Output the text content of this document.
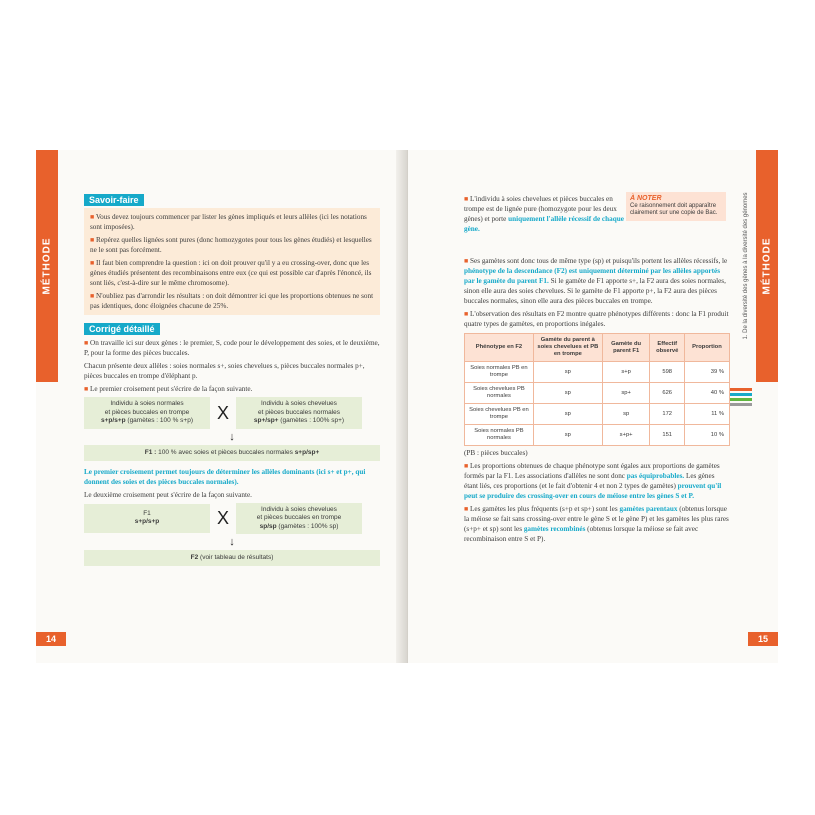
MÉTHODE
Savoir-faire

■ Vous devez toujours commencer par lister les gènes impliqués et leurs allèles (ici les notations sont imposées).

■ Repérez quelles lignées sont pures (donc homozygotes pour tous les gènes étudiés) et lesquelles ne le sont pas forcément.

■ Il faut bien comprendre la question : ici on doit prouver qu'il y a eu crossing-over, donc que les gènes étudiés présentent des recombinaisons entre eux (ce qui est possible car d'après l'énoncé, ils sont liés, c'est-à-dire sur le même chromosome).

■ N'oubliez pas d'arrondir les résultats : on doit démontrer ici que les proportions obtenues ne sont pas identiques, donc éloignées chacune de 25%.

Corrigé détaillé

■ On travaille ici sur deux gènes : le premier, S, code pour le développement des soies, et le deuxième, P, pour la forme des pièces buccales.

Chacun présente deux allèles : soies normales s+, soies chevelues s, pièces buccales normales p+, pièces buccales en trompe d'éléphant p.

■ Le premier croisement peut s'écrire de la façon suivante.

Individu à soies normales
et pièces buccales en trompe
s+p/s+p (gamètes : 100 % s+p)	X	Individu à soies chevelues
et pièces buccales normales
sp+/sp+ (gamètes : 100% sp+)
↓
F1 : 100 % avec soies et pièces buccales normales s+p/sp+

Le premier croisement permet toujours de déterminer les allèles dominants (ici s+ et p+, qui donnent des soies et des pièces buccales normales).

Le deuxième croisement peut s'écrire de la façon suivante.

F1
s+p/s+p	X	Individu à soies chevelues
et pièces buccales en trompe
sp/sp (gamètes : 100% sp)
↓
F2 (voir tableau de résultats)
14
MÉTHODE
1. De la diversité des gènes à la diversité des génomes
À NOTER
Ce raisonnement doit apparaître clairement sur une copie de Bac.

■ L'individu à soies chevelues et pièces buccales en trompe est de lignée pure (homozygote pour les deux gènes) et porte uniquement l'allèle récessif de chaque gène.

■ Ses gamètes sont donc tous de même type (sp) et puisqu'ils portent les allèles récessifs, le phénotype de la descendance (F2) est uniquement déterminé par les allèles apportés par le gamète du parent F1. Si le gamète de F1 apporte s+, la F2 aura des soies normales, sinon elle aura des soies chevelues. Si le gamète de F1 apporte p+, la F2 aura des pièces buccales normales, sinon elle aura des pièces buccales en trompe.

■ L'observation des résultats en F2 montre quatre phénotypes différents : donc la F1 produit quatre types de gamètes, en proportions inégales.

Phénotype en F2	Gamète du parent à soies chevelues et PB en trompe	Gamète du parent F1	Effectif observé	Proportion
Soies normales PB en trompe	sp	s+p	598	39 %
Soies chevelues PB normales	sp	sp+	626	40 %
Soies chevelues PB en trompe	sp	sp	172	11 %
Soies normales PB normales	sp	s+p+	151	10 %

(PB : pièces buccales)

■ Les proportions obtenues de chaque phénotype sont égales aux proportions de gamètes formés par la F1. Les associations d'allèles ne sont donc pas équiprobables. Les gènes étant liés, ces proportions (et le fait d'obtenir 4 et non 2 types de gamètes) prouvent qu'il peut se produire des crossing-over en cours de méiose entre les gènes S et P.

■ Les gamètes les plus fréquents (s+p et sp+) sont les gamètes parentaux (obtenus lorsque la méiose se fait sans crossing-over entre le gène S et le gène P) et les gamètes les plus rares (s+p+ et sp) sont les gamètes recombinés (obtenus lorsque la méiose se fait avec recombinaison entre S et P).

15
